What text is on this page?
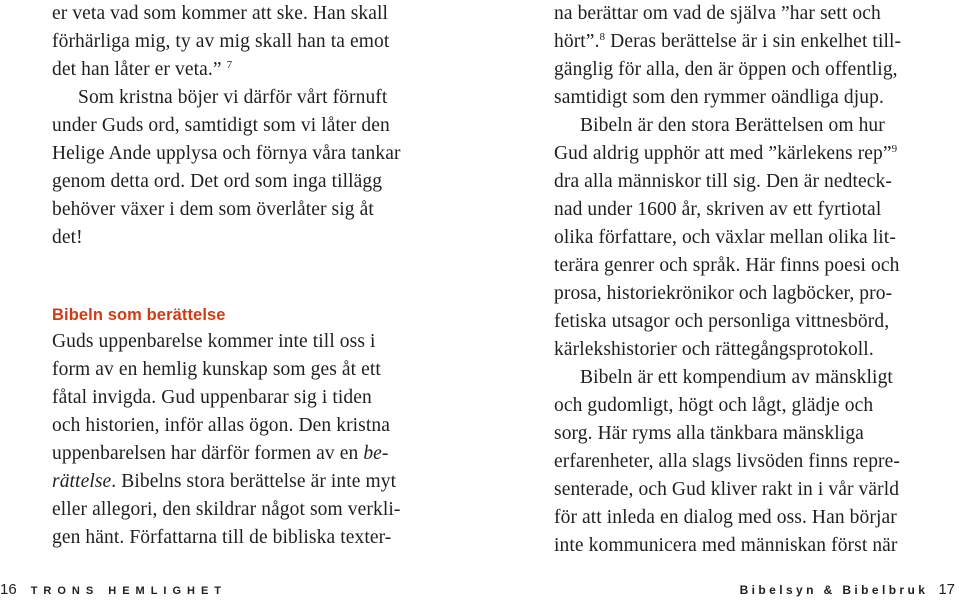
er veta vad som kommer att ske. Han skall
förhärliga mig, ty av mig skall han ta emot
det han låter er veta.” $^7$
Som kristna böjer vi därför vårt förnuft
under Guds ord, samtidigt som vi låter den
Helige Ande upplysa och förnya våra tankar
genom detta ord. Det ord som inga tillägg
behöver växer i dem som överlåter sig åt
det!
Bibeln som berättelse
Guds uppenbarelse kommer inte till oss i
form av en hemlig kunskap som ges åt ett
fåtal invigda. Gud uppenbarar sig i tiden
och historien, inför allas ögon. Den kristna
uppenbarelsen har därför formen av en be-
rättelse. Bibelns stora berättelse är inte myt
eller allegori, den skildrar något som verkli-
gen hänt. Författarna till de bibliska texter-
na berättar om vad de själva ”har sett och
hört”.$^8$ Deras berättelse är i sin enkelhet till-
gänglig för alla, den är öppen och offentlig,
samtidigt som den rymmer oändliga djup.
Bibeln är den stora Berättelsen om hur
Gud aldrig upphör att med ”kärlekens rep”$^9$
dra alla människor till sig. Den är nedteck-
nad under 1600 år, skriven av ett fyrtiotal
olika författare, och växlar mellan olika lit-
terära genrer och språk. Här finns poesi och
prosa, historiekrönikor och lagböcker, pro-
fetiska utsagor och personliga vittnesbörd,
kärlekshistorier och rättegångsprotokoll.
Bibeln är ett kompendium av mänskligt
och gudomligt, högt och lågt, glädje och
sorg. Här ryms alla tänkbara mänskliga
erfarenheter, alla slags livsöden finns repre-
senterade, och Gud kliver rakt in i vår värld
för att inleda en dialog med oss. Han börjar
inte kommunicera med människan först när
16 TRONS HEMLIGHET	Bibelsyn & Bibelbruk 17
